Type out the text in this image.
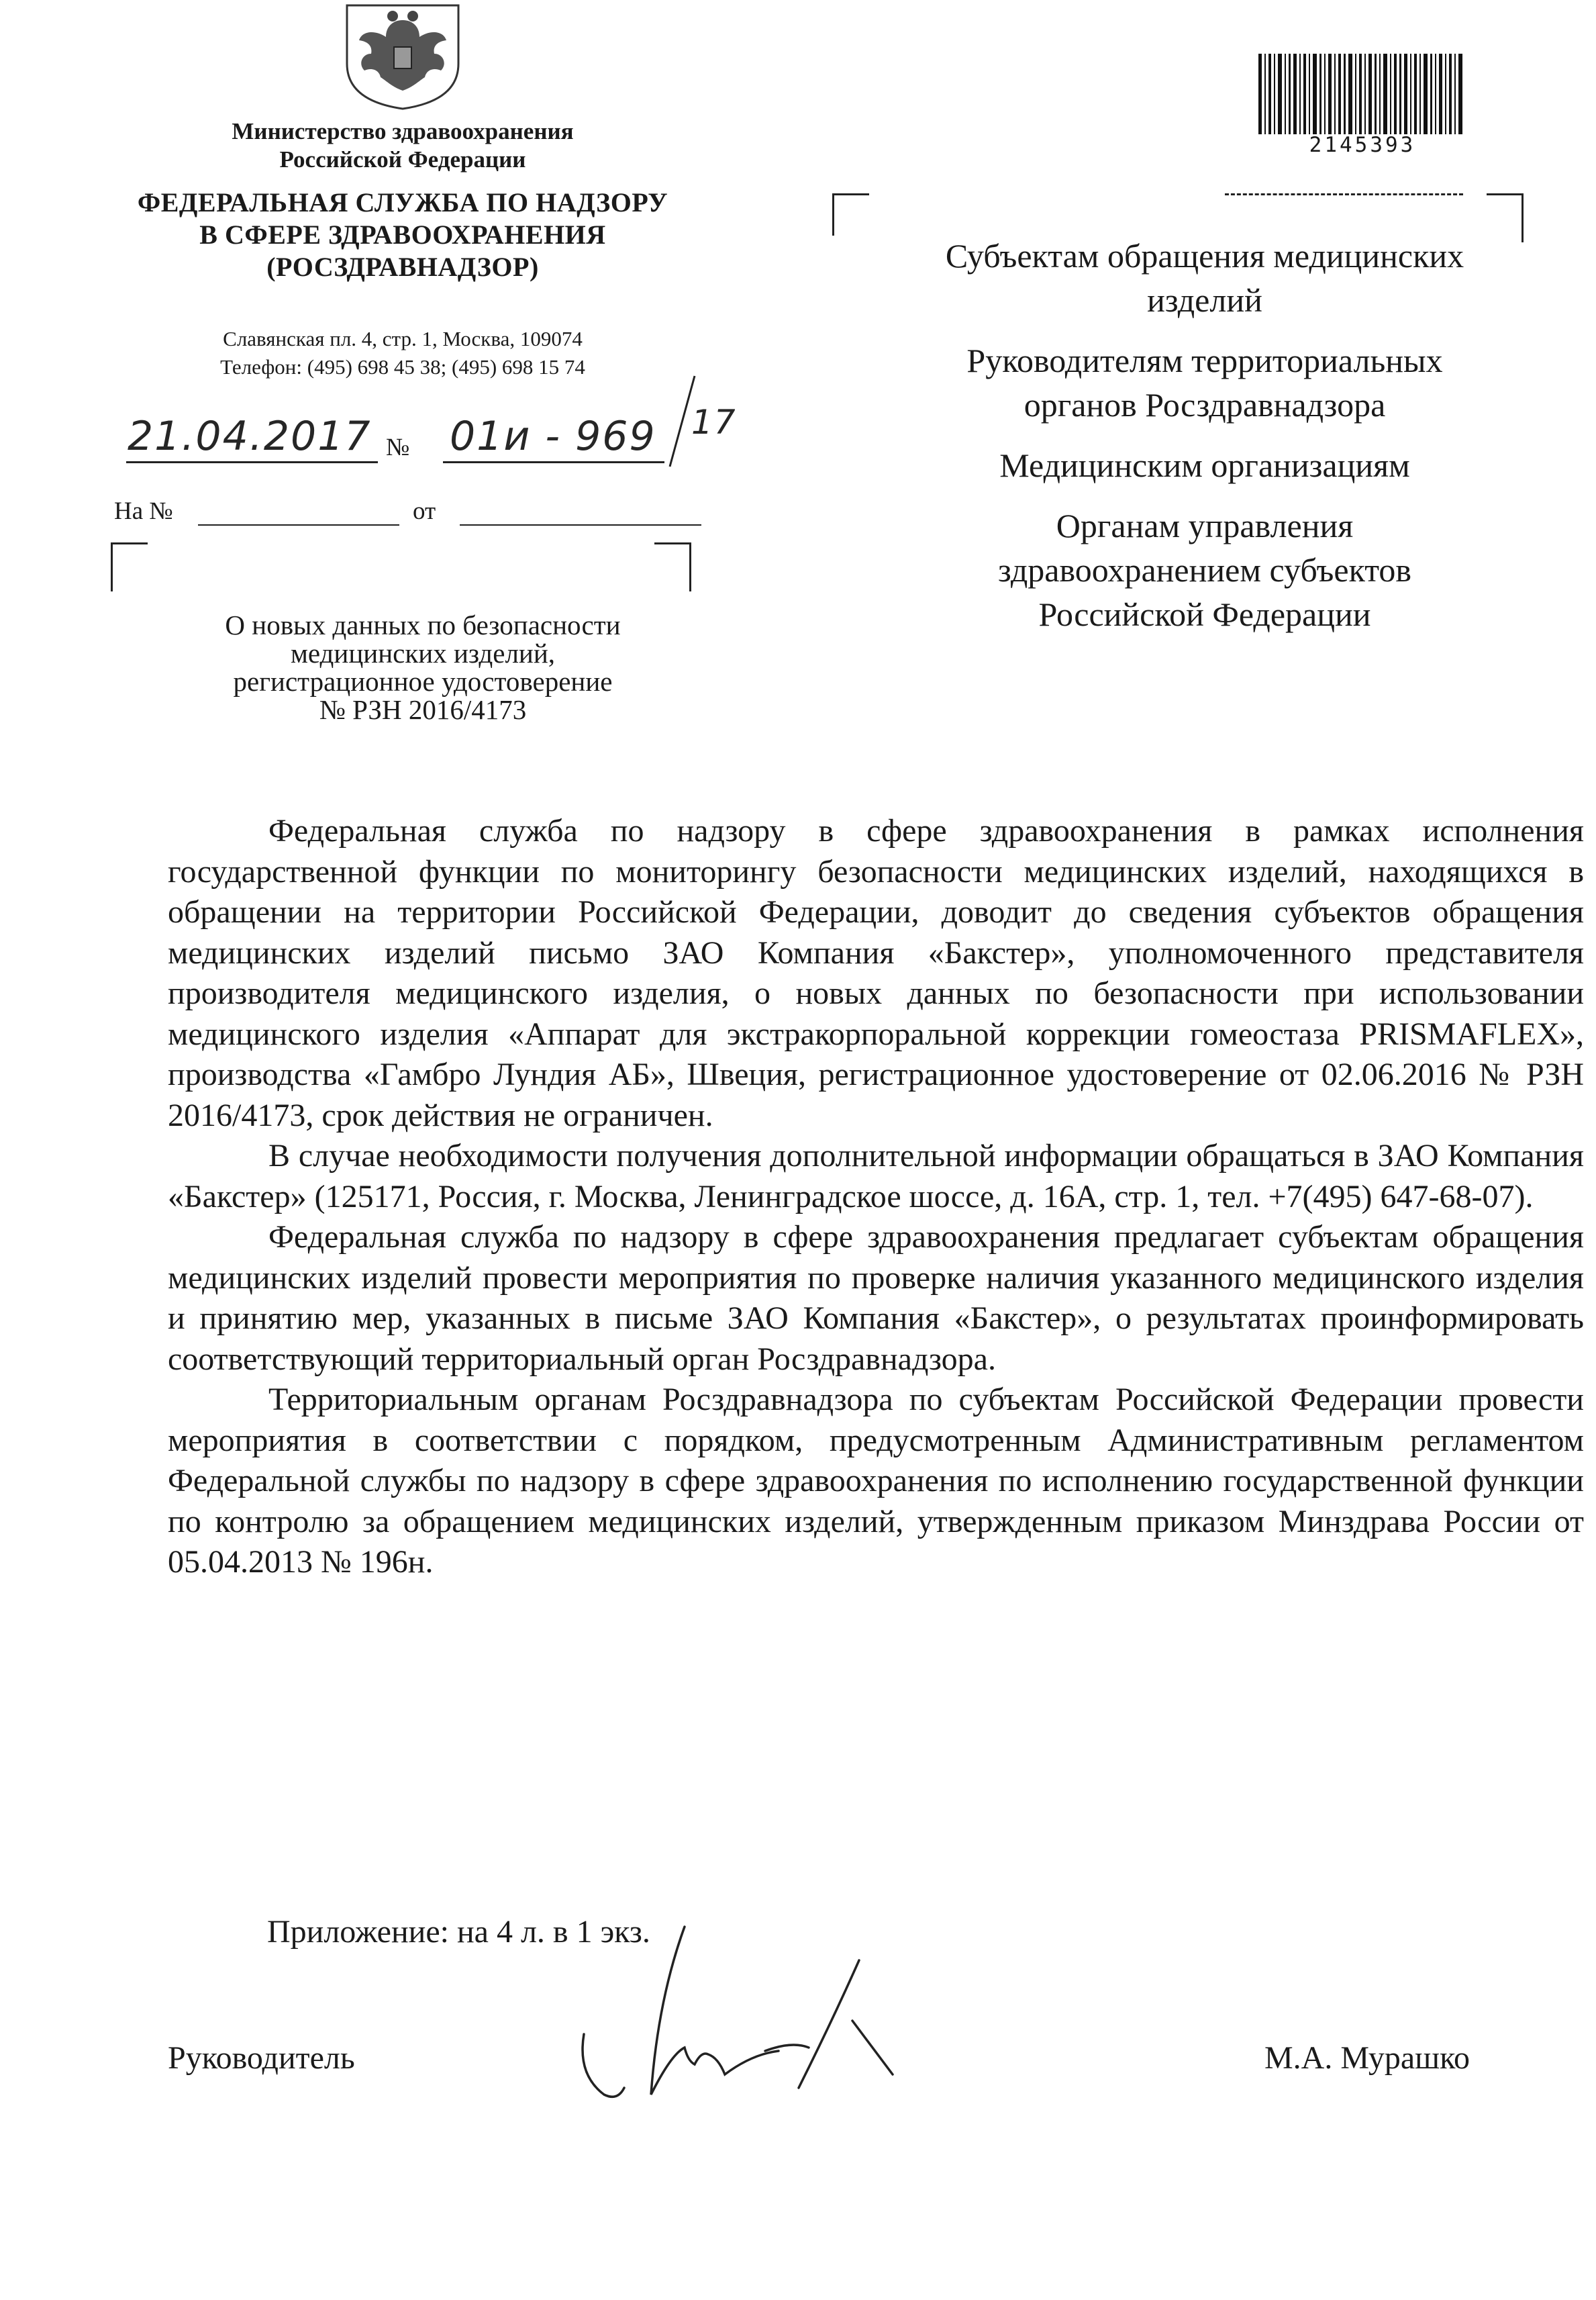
Министерство здравоохранения
Российской Федерации
ФЕДЕРАЛЬНАЯ СЛУЖБА ПО НАДЗОРУ
В СФЕРЕ ЗДРАВООХРАНЕНИЯ
(РОСЗДРАВНАДЗОР)
Славянская пл. 4, стр. 1, Москва, 109074
Телефон: (495) 698 45 38; (495) 698 15 74
21.04.2017 № 01и - 969 17
На №	от
О новых данных по безопасности
медицинских изделий,
регистрационное удостоверение
№ РЗН 2016/4173
2145393

Субъектам обращения медицинских изделий

Руководителям территориальных органов Росздравнадзора

Медицинским организациям

Органам управления здравоохранением субъектов Российской Федерации

Федеральная служба по надзору в сфере здравоохранения в рамках исполнения государственной функции по мониторингу безопасности медицинских изделий, находящихся в обращении на территории Российской Федерации, доводит до сведения субъектов обращения медицинских изделий письмо ЗАО Компания «Бакстер», уполномоченного представителя производителя медицинского изделия, о новых данных по безопасности при использовании медицинского изделия «Аппарат для экстракорпоральной коррекции гомеостаза PRISMAFLEX», производства «Гамбро Лундия АБ», Швеция, регистрационное удостоверение от 02.06.2016 № РЗН 2016/4173, срок действия не ограничен.

В случае необходимости получения дополнительной информации обращаться в ЗАО Компания «Бакстер» (125171, Россия, г. Москва, Ленинградское шоссе, д. 16А, стр. 1, тел. +7(495) 647-68-07).

Федеральная служба по надзору в сфере здравоохранения предлагает субъектам обращения медицинских изделий провести мероприятия по проверке наличия указанного медицинского изделия и принятию мер, указанных в письме ЗАО Компания «Бакстер», о результатах проинформировать соответствующий территориальный орган Росздравнадзора.

Территориальным органам Росздравнадзора по субъектам Российской Федерации провести мероприятия в соответствии с порядком, предусмотренным Административным регламентом Федеральной службы по надзору в сфере здравоохранения по исполнению государственной функции по контролю за обращением медицинских изделий, утвержденным приказом Минздрава России от 05.04.2013 № 196н.

Приложение: на 4 л. в 1 экз.
Руководитель	М.А. Мурашко
